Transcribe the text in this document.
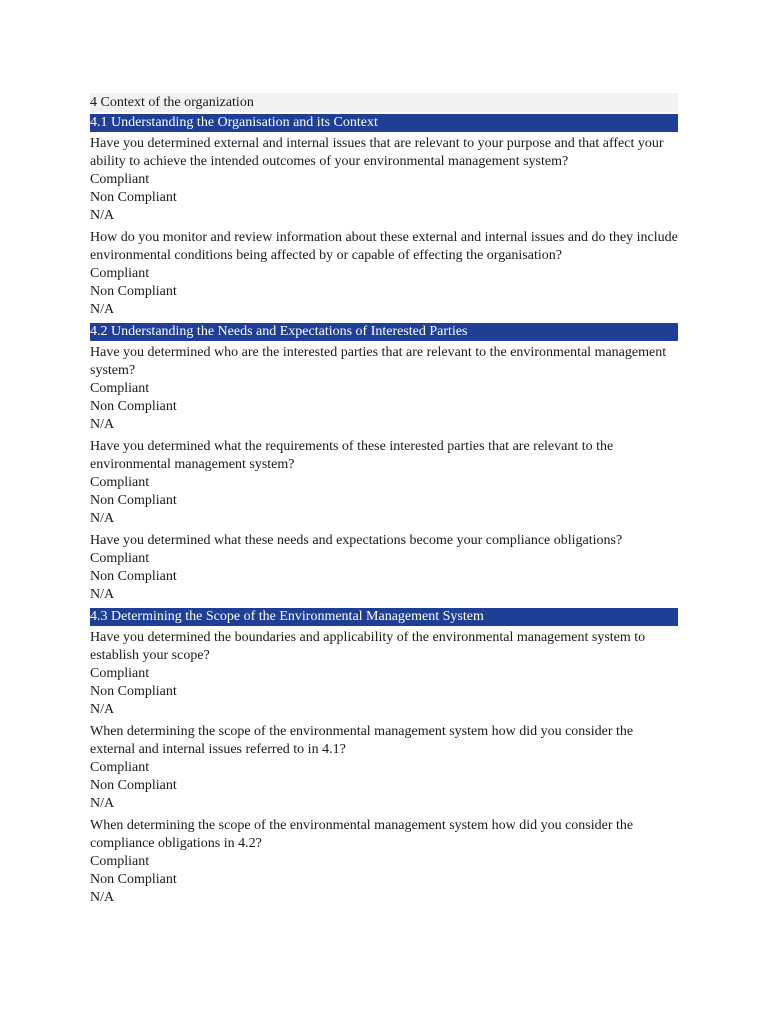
4 Context of the organization
4.1 Understanding the Organisation and its Context
Have you determined external and internal issues that are relevant to your purpose and that affect your ability to achieve the intended outcomes of your environmental management system?
Compliant
Non Compliant
N/A
How do you monitor and review information about these external and internal issues and do they include environmental conditions being affected by or capable of effecting the organisation?
Compliant
Non Compliant
N/A
4.2 Understanding the Needs and Expectations of Interested Parties
Have you determined who are the interested parties that are relevant to the environmental management system?
Compliant
Non Compliant
N/A
Have you determined what the requirements of these interested parties that are relevant to the environmental management system?
Compliant
Non Compliant
N/A
Have you determined what these needs and expectations become your compliance obligations?
Compliant
Non Compliant
N/A
4.3 Determining the Scope of the Environmental Management System
Have you determined the boundaries and applicability of the environmental management system to establish your scope?
Compliant
Non Compliant
N/A
When determining the scope of the environmental management system how did you consider the external and internal issues referred to in 4.1?
Compliant
Non Compliant
N/A
When determining the scope of the environmental management system how did you consider the compliance obligations in 4.2?
Compliant
Non Compliant
N/A
